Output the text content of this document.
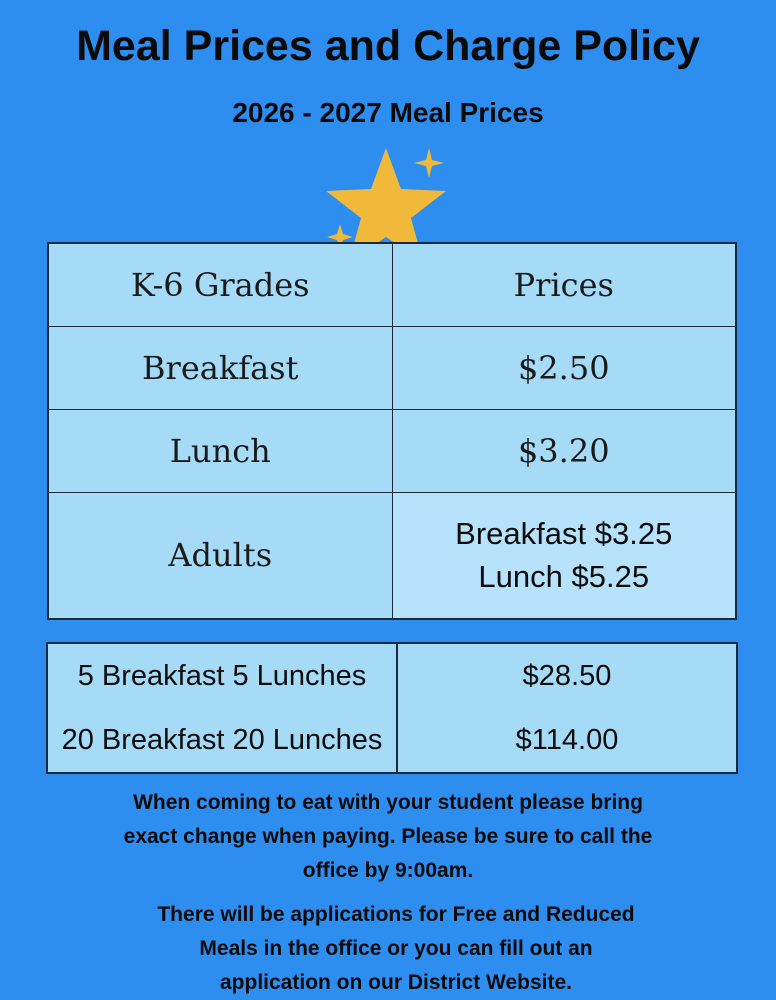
Meal Prices and Charge Policy
2026 - 2027 Meal Prices
K-6 Grades	Prices
Breakfast	$2.50
Lunch	$3.20
Adults	Breakfast $3.25
Lunch $5.25
5 Breakfast 5 Lunches	$28.50
20 Breakfast 20 Lunches	$114.00
When coming to eat with your student please bring
exact change when paying. Please be sure to call the
office by 9:00am.
There will be applications for Free and Reduced
Meals in the office or you can fill out an
application on our District Website.
